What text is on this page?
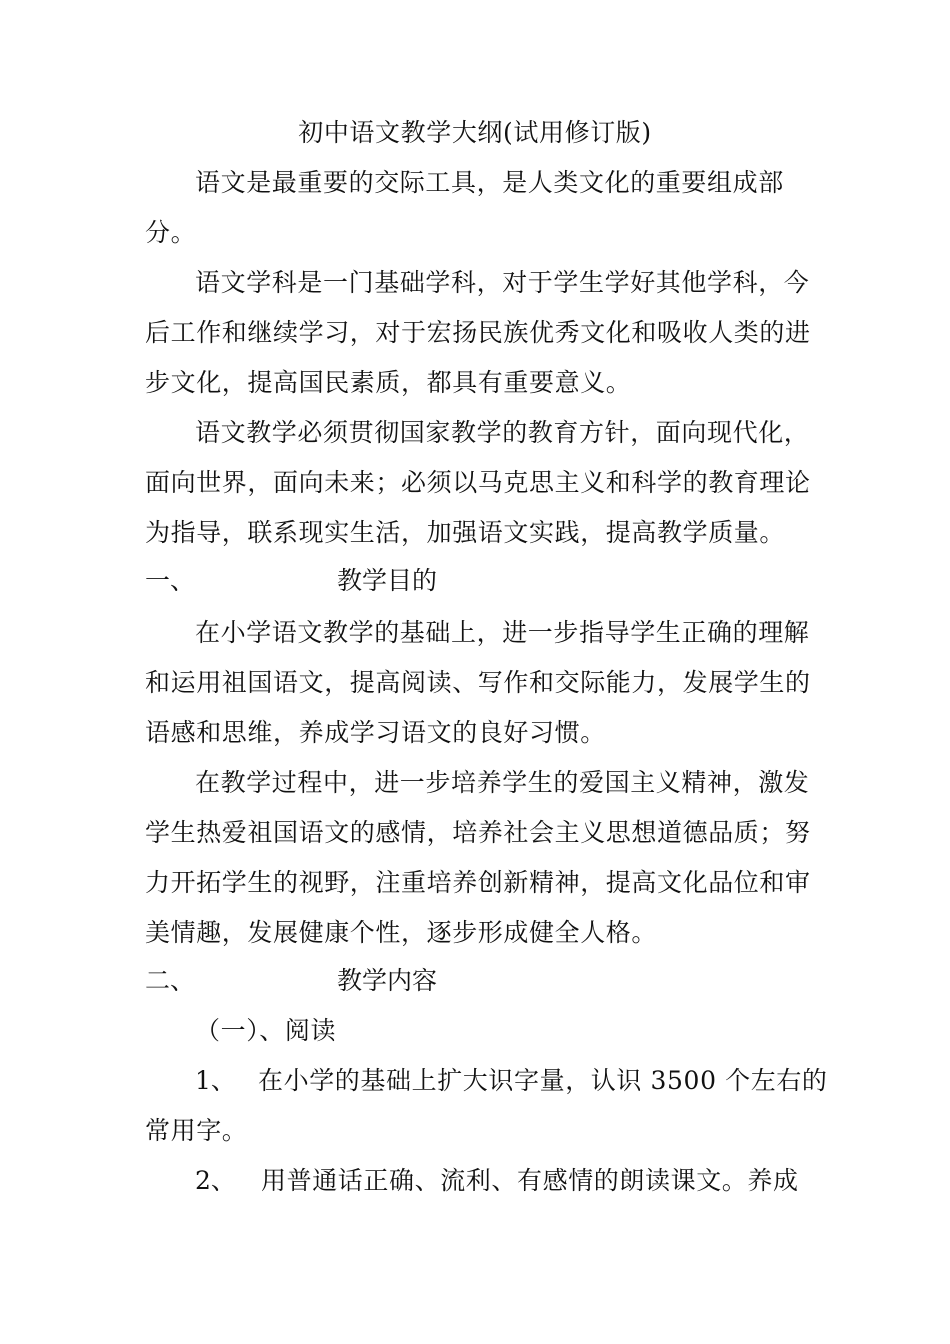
初中语文教学大纲(试用修订版)
语文是最重要的交际工具，是人类文化的重要组成部
分。
语文学科是一门基础学科，对于学生学好其他学科，今
后工作和继续学习，对于宏扬民族优秀文化和吸收人类的进
步文化，提高国民素质，都具有重要意义。
语文教学必须贯彻国家教学的教育方针，面向现代化，
面向世界，面向未来；必须以马克思主义和科学的教育理论
为指导，联系现实生活，加强语文实践，提高教学质量。
一、	教学目的
在小学语文教学的基础上，进一步指导学生正确的理解
和运用祖国语文，提高阅读、写作和交际能力，发展学生的
语感和思维，养成学习语文的良好习惯。
在教学过程中，进一步培养学生的爱国主义精神，激发
学生热爱祖国语文的感情，培养社会主义思想道德品质；努
力开拓学生的视野，注重培养创新精神，提高文化品位和审
美情趣，发展健康个性，逐步形成健全人格。
二、	教学内容
（一）、阅读
1、 在小学的基础上扩大识字量，认识 3500 个左右的
常用字。
2、 用普通话正确、流利、有感情的朗读课文。养成
